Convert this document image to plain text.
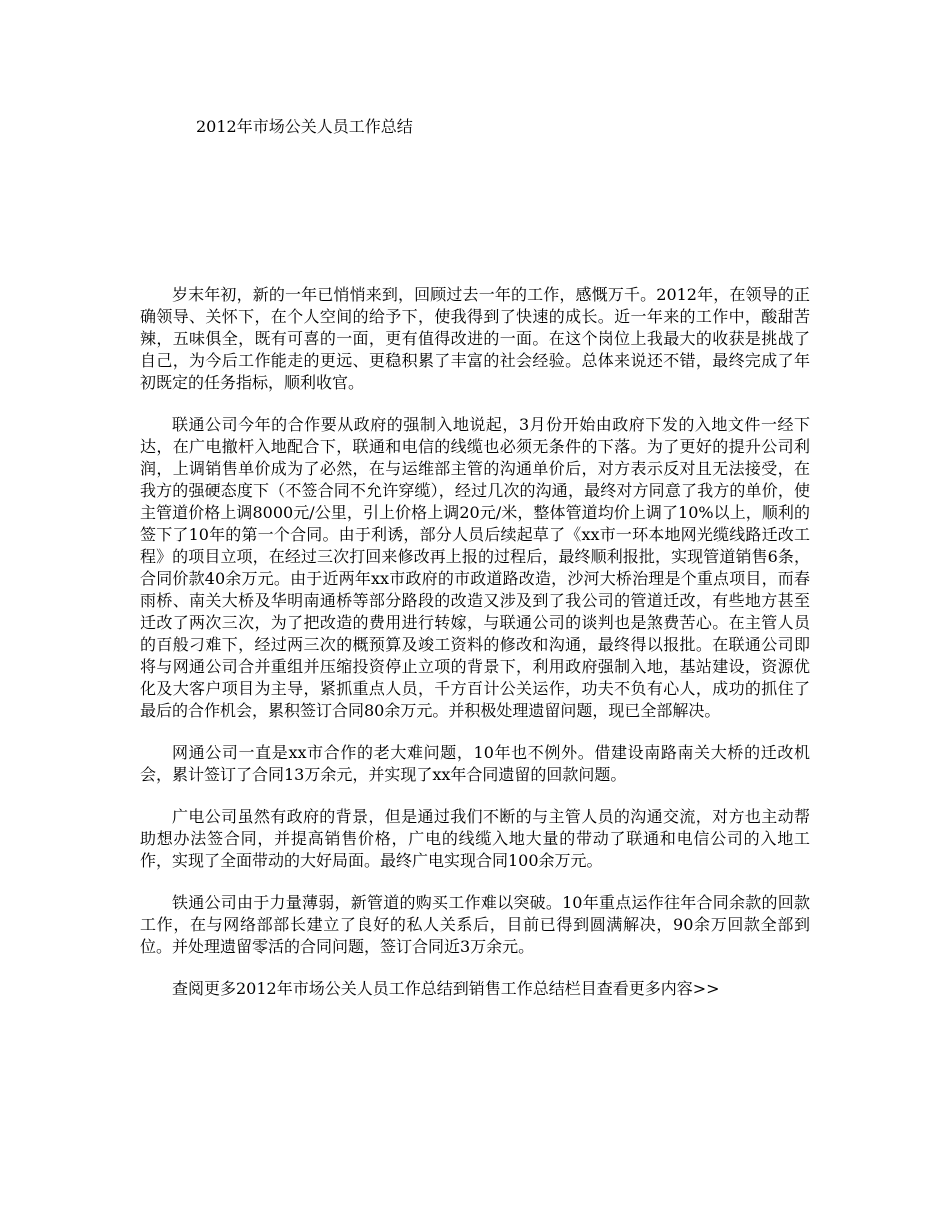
2012年市场公关人员工作总结

岁末年初，新的一年已悄悄来到，回顾过去一年的工作，感慨万千。2012年，在领导的正确领导、关怀下，在个人空间的给予下，使我得到了快速的成长。近一年来的工作中，酸甜苦辣，五味俱全，既有可喜的一面，更有值得改进的一面。在这个岗位上我最大的收获是挑战了自己，为今后工作能走的更远、更稳积累了丰富的社会经验。总体来说还不错，最终完成了年初既定的任务指标，顺利收官。

联通公司今年的合作要从政府的强制入地说起，3月份开始由政府下发的入地文件一经下达，在广电撤杆入地配合下，联通和电信的线缆也必须无条件的下落。为了更好的提升公司利润，上调销售单价成为了必然，在与运维部主管的沟通单价后，对方表示反对且无法接受，在我方的强硬态度下（不签合同不允许穿缆），经过几次的沟通，最终对方同意了我方的单价，使主管道价格上调8000元/公里，引上价格上调20元/米，整体管道均价上调了10%以上，顺利的签下了10年的第一个合同。由于利诱，部分人员后续起草了《xx市一环本地网光缆线路迁改工程》的项目立项，在经过三次打回来修改再上报的过程后，最终顺利报批，实现管道销售6条，合同价款40余万元。由于近两年xx市政府的市政道路改造，沙河大桥治理是个重点项目，而春雨桥、南关大桥及华明南通桥等部分路段的改造又涉及到了我公司的管道迁改，有些地方甚至迁改了两次三次，为了把改造的费用进行转嫁，与联通公司的谈判也是煞费苦心。在主管人员的百般刁难下，经过两三次的概预算及竣工资料的修改和沟通，最终得以报批。在联通公司即将与网通公司合并重组并压缩投资停止立项的背景下，利用政府强制入地，基站建设，资源优化及大客户项目为主导，紧抓重点人员，千方百计公关运作，功夫不负有心人，成功的抓住了最后的合作机会，累积签订合同80余万元。并积极处理遗留问题，现已全部解决。

网通公司一直是xx市合作的老大难问题，10年也不例外。借建设南路南关大桥的迁改机会，累计签订了合同13万余元，并实现了xx年合同遗留的回款问题。

广电公司虽然有政府的背景，但是通过我们不断的与主管人员的沟通交流，对方也主动帮助想办法签合同，并提高销售价格，广电的线缆入地大量的带动了联通和电信公司的入地工作，实现了全面带动的大好局面。最终广电实现合同100余万元。

铁通公司由于力量薄弱，新管道的购买工作难以突破。10年重点运作往年合同余款的回款工作，在与网络部部长建立了良好的私人关系后，目前已得到圆满解决，90余万回款全部到位。并处理遗留零活的合同问题，签订合同近3万余元。

查阅更多2012年市场公关人员工作总结到销售工作总结栏目查看更多内容>>
